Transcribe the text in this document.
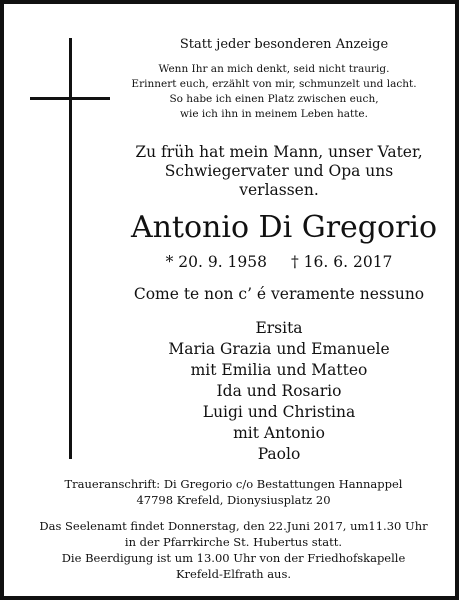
Statt jeder besonderen Anzeige
Wenn Ihr an mich denkt, seid nicht traurig.
Erinnert euch, erzählt von mir, schmunzelt und lacht.
So habe ich einen Platz zwischen euch,
wie ich ihn in meinem Leben hatte.
Zu früh hat mein Mann, unser Vater,
Schwiegervater und Opa uns
verlassen.
Antonio Di Gregorio
* 20. 9. 1958 † 16. 6. 2017
Come te non c’ é veramente nessuno
Ersita
Maria Grazia und Emanuele
mit Emilia und Matteo
Ida und Rosario
Luigi und Christina
mit Antonio
Paolo
Traueranschrift: Di Gregorio c/o Bestattungen Hannappel
47798 Krefeld, Dionysiusplatz 20
Das Seelenamt findet Donnerstag, den 22.Juni 2017, um11.30 Uhr
in der Pfarrkirche St. Hubertus statt.
Die Beerdigung ist um 13.00 Uhr von der Friedhofskapelle
Krefeld-Elfrath aus.
